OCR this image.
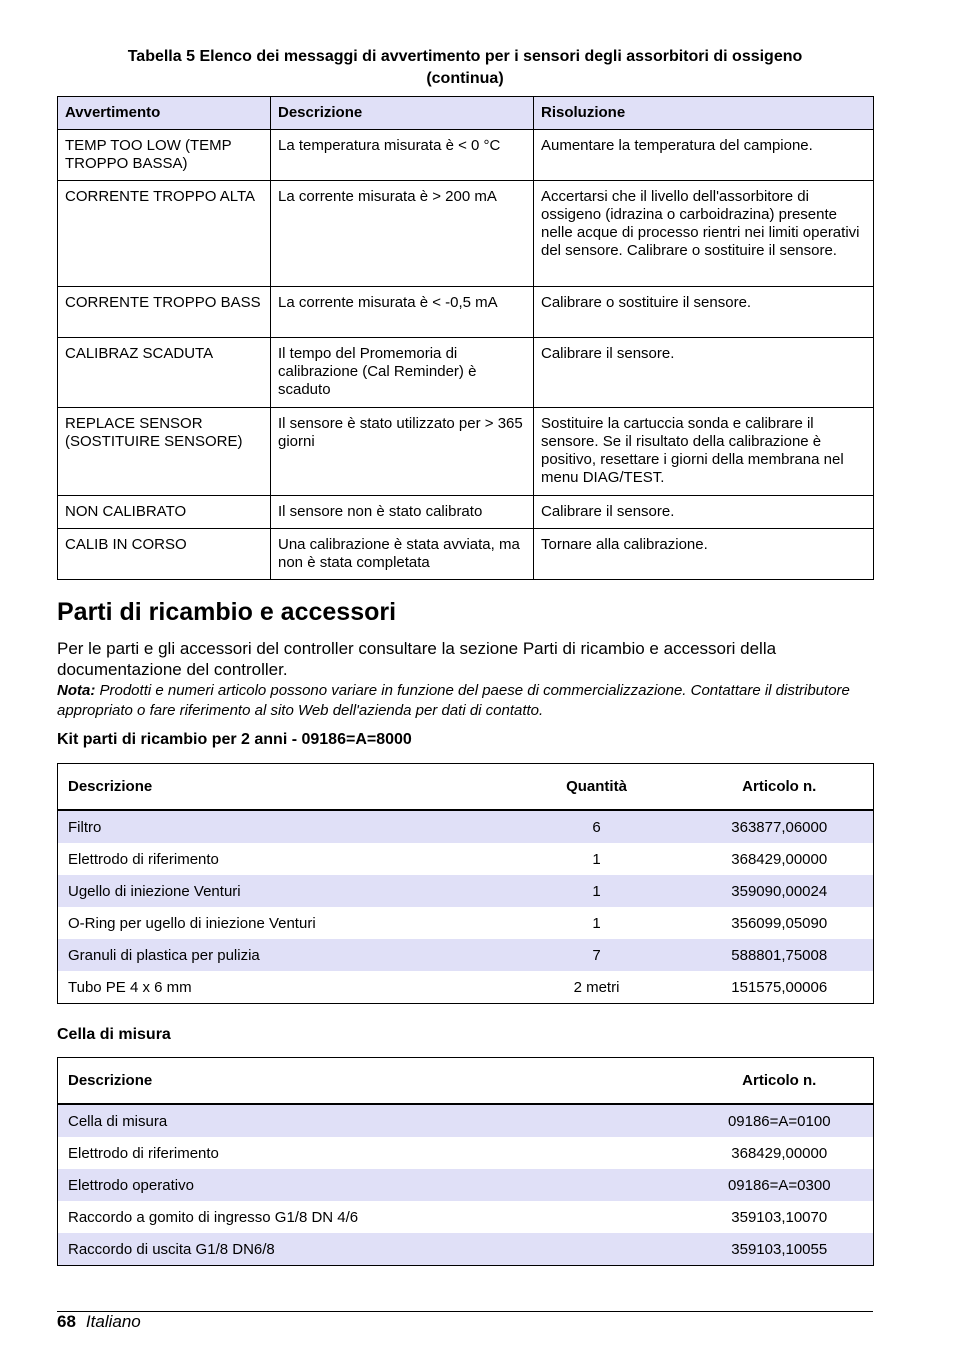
Tabella 5 Elenco dei messaggi di avvertimento per i sensori degli assorbitori di ossigeno
(continua)
Avvertimento	Descrizione	Risoluzione
TEMP TOO LOW (TEMP TROPPO BASSA)	La temperatura misurata è < 0 °C	Aumentare la temperatura del campione.
CORRENTE TROPPO ALTA	La corrente misurata è > 200 mA	Accertarsi che il livello dell'assorbitore di ossigeno (idrazina o carboidrazina) presente nelle acque di processo rientri nei limiti operativi del sensore. Calibrare o sostituire il sensore.
CORRENTE TROPPO BASS	La corrente misurata è < -0,5 mA	Calibrare o sostituire il sensore.
CALIBRAZ SCADUTA	Il tempo del Promemoria di calibrazione (Cal Reminder) è scaduto	Calibrare il sensore.
REPLACE SENSOR (SOSTITUIRE SENSORE)	Il sensore è stato utilizzato per > 365 giorni	Sostituire la cartuccia sonda e calibrare il sensore. Se il risultato della calibrazione è positivo, resettare i giorni della membrana nel menu DIAG/TEST.
NON CALIBRATO	Il sensore non è stato calibrato	Calibrare il sensore.
CALIB IN CORSO	Una calibrazione è stata avviata, ma non è stata completata	Tornare alla calibrazione.
Parti di ricambio e accessori

Per le parti e gli accessori del controller consultare la sezione Parti di ricambio e accessori della documentazione del controller.

Nota: Prodotti e numeri articolo possono variare in funzione del paese di commercializzazione. Contattare il distributore appropriato o fare riferimento al sito Web dell'azienda per dati di contatto.

Kit parti di ricambio per 2 anni - 09186=A=8000
Descrizione	Quantità	Articolo n.
Filtro	6	363877,06000
Elettrodo di riferimento	1	368429,00000
Ugello di iniezione Venturi	1	359090,00024
O-Ring per ugello di iniezione Venturi	1	356099,05090
Granuli di plastica per pulizia	7	588801,75008
Tubo PE 4 x 6 mm	2 metri	151575,00006
Cella di misura
Descrizione	Articolo n.
Cella di misura	09186=A=0100
Elettrodo di riferimento	368429,00000
Elettrodo operativo	09186=A=0300
Raccordo a gomito di ingresso G1/8 DN 4/6	359103,10070
Raccordo di uscita G1/8 DN6/8	359103,10055
68 Italiano
